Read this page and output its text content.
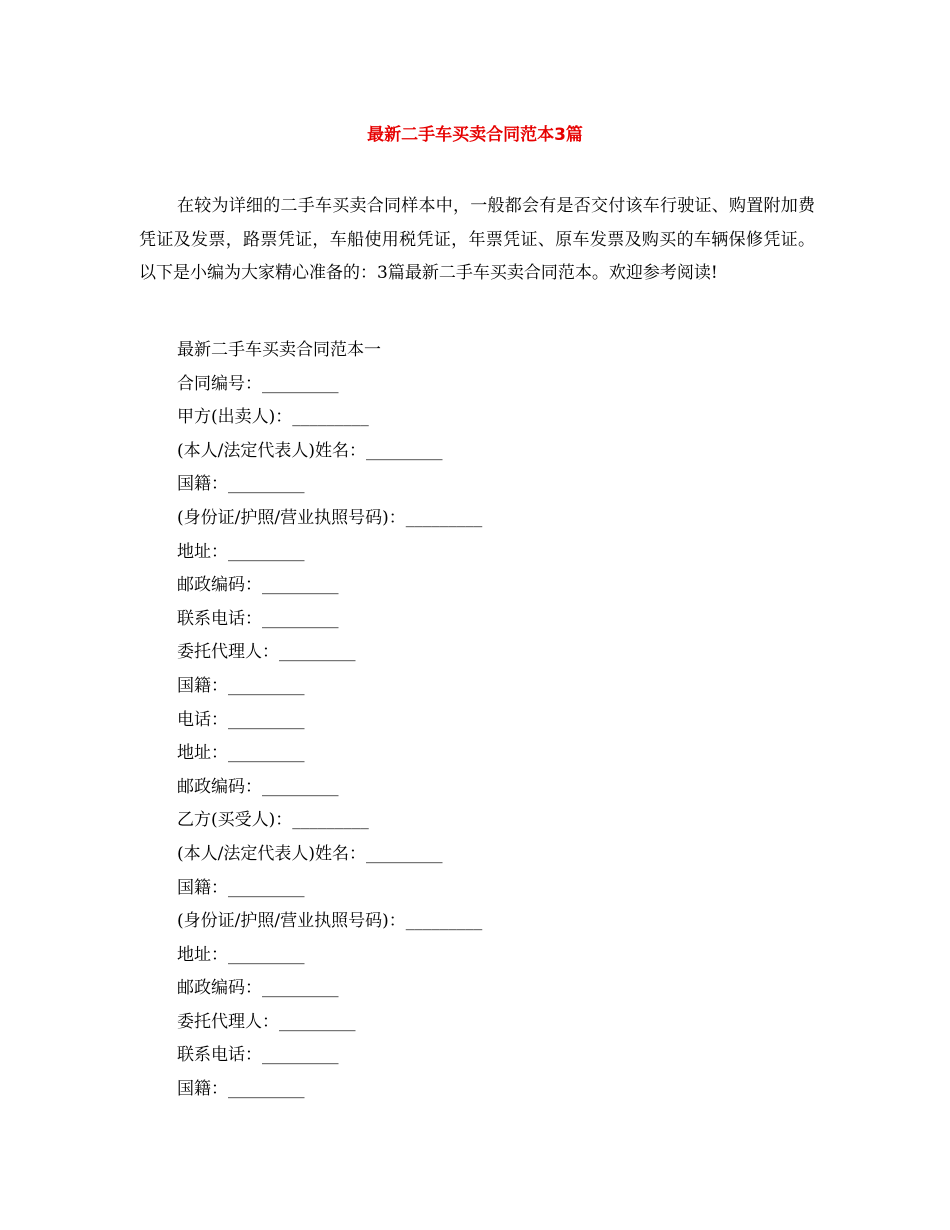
最新二手车买卖合同范本3篇

在较为详细的二手车买卖合同样本中，一般都会有是否交付该车行驶证、购置附加费凭证及发票，路票凭证，车船使用税凭证，年票凭证、原车发票及购买的车辆保修凭证。以下是小编为大家精心准备的：3篇最新二手车买卖合同范本。欢迎参考阅读!

最新二手车买卖合同范本一
合同编号：_________
甲方(出卖人)：_________
(本人/法定代表人)姓名：_________
国籍：_________
(身份证/护照/营业执照号码)：_________
地址：_________
邮政编码：_________
联系电话：_________
委托代理人：_________
国籍：_________
电话：_________
地址：_________
邮政编码：_________
乙方(买受人)：_________
(本人/法定代表人)姓名：_________
国籍：_________
(身份证/护照/营业执照号码)：_________
地址：_________
邮政编码：_________
委托代理人：_________
联系电话：_________
国籍：_________
